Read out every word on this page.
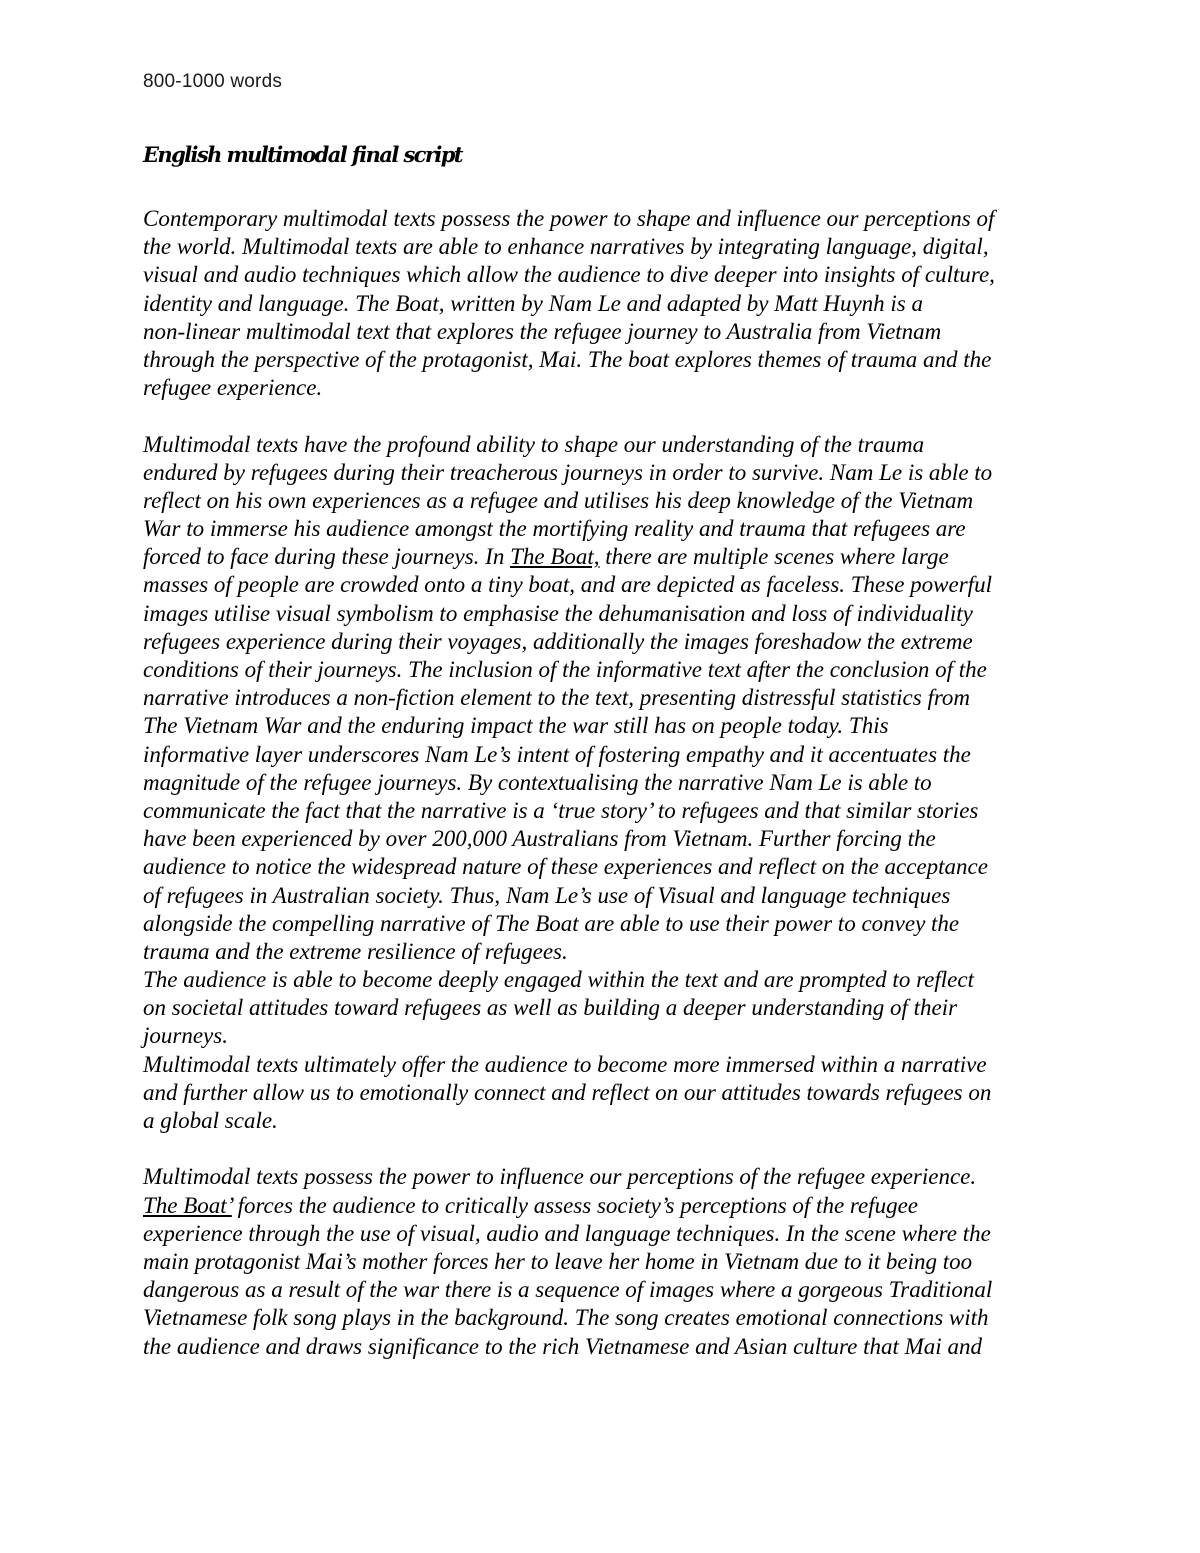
800-1000 words
English multimodal final script
Contemporary multimodal texts possess the power to shape and influence our perceptions of
the world. Multimodal texts are able to enhance narratives by integrating language, digital,
visual and audio techniques which allow the audience to dive deeper into insights of culture,
identity and language. The Boat, written by Nam Le and adapted by Matt Huynh is a
non-linear multimodal text that explores the refugee journey to Australia from Vietnam
through the perspective of the protagonist, Mai. The boat explores themes of trauma and the
refugee experience.
Multimodal texts have the profound ability to shape our understanding of the trauma
endured by refugees during their treacherous journeys in order to survive. Nam Le is able to
reflect on his own experiences as a refugee and utilises his deep knowledge of the Vietnam
War to immerse his audience amongst the mortifying reality and trauma that refugees are
forced to face during these journeys. In The Boat, there are multiple scenes where large
masses of people are crowded onto a tiny boat, and are depicted as faceless. These powerful
images utilise visual symbolism to emphasise the dehumanisation and loss of individuality
refugees experience during their voyages, additionally the images foreshadow the extreme
conditions of their journeys. The inclusion of the informative text after the conclusion of the
narrative introduces a non-fiction element to the text, presenting distressful statistics from
The Vietnam War and the enduring impact the war still has on people today. This
informative layer underscores Nam Le’s intent of fostering empathy and it accentuates the
magnitude of the refugee journeys. By contextualising the narrative Nam Le is able to
communicate the fact that the narrative is a ‘true story’ to refugees and that similar stories
have been experienced by over 200,000 Australians from Vietnam. Further forcing the
audience to notice the widespread nature of these experiences and reflect on the acceptance
of refugees in Australian society. Thus, Nam Le’s use of Visual and language techniques
alongside the compelling narrative of The Boat are able to use their power to convey the
trauma and the extreme resilience of refugees.
The audience is able to become deeply engaged within the text and are prompted to reflect
on societal attitudes toward refugees as well as building a deeper understanding of their
journeys.
Multimodal texts ultimately offer the audience to become more immersed within a narrative
and further allow us to emotionally connect and reflect on our attitudes towards refugees on
a global scale.
Multimodal texts possess the power to influence our perceptions of the refugee experience.
The Boat’ forces the audience to critically assess society’s perceptions of the refugee
experience through the use of visual, audio and language techniques. In the scene where the
main protagonist Mai’s mother forces her to leave her home in Vietnam due to it being too
dangerous as a result of the war there is a sequence of images where a gorgeous Traditional
Vietnamese folk song plays in the background. The song creates emotional connections with
the audience and draws significance to the rich Vietnamese and Asian culture that Mai and
